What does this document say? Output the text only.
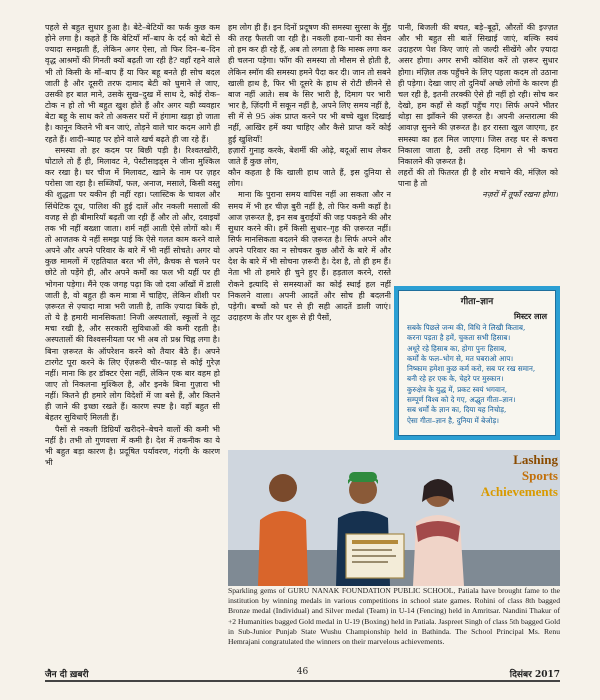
पहले से बहुत सुधार हुआ है। बेटे–बेटियों का फर्क कुछ कम होने लगा है। कहते हैं कि बेटियाँ माँ–बाप के दर्द को बेटों से ज्यादा समझती हैं, लेकिन अगर ऐसा, तो फिर दिन–ब–दिन वृद्ध आश्रमों की गिनती क्यों बढ़ती जा रही है? वहाँ रहने वाले भी तो किसी के माँ–बाप हैं या फिर बहू बनते ही सोच बदल जाती है और दूसरी तरफ दामाद बेटी को घुमाने ले जाए, उसकी हर बात माने, उसके सुख–दुख में साथ दे, कोई रोक–टोक न हो तो भी बहुत खुश होते हैं और अगर यही व्यवहार बेटा बहू के साथ करे तो अकसर घरों में हंगामा खड़ा हो जाता है। कानून कितने भी बन जाएं, तोड़ने वाले चार कदम आगे ही रहते हैं। शादी–ब्याह पर होने वाले खर्च बढ़ते ही जा रहे हैं।

समस्या तो हर कदम पर बिछी पड़ी है। रिश्वतखोरी, घोटाले तो हैं ही, मिलावट ने, पेस्टीसाइड्स ने जीना मुश्किल कर रखा है। घर चीज में मिलावट, खाने के नाम पर ज़हर परोसा जा रहा है। सब्जियाँ, फल, अनाज, मसाले, किसी वस्तु की शुद्धता पर यकीन ही नहीं रहा। प्लास्टिक के चावल और सिंथेटिक दूध, पालिश की हुई दालें और नकली मसालों की वजह से ही बीमारियाँ बढ़ती जा रही हैं और तो और, दवाइयाँ तक भी नहीं बख्शा जाता। शर्म नहीं आती ऐसे लोगों को। मैं तो आजतक ये नहीं समझ पाई कि ऐसे गलत काम करने वाले अपने और अपने परिवार के बारे में भी नहीं सोचते। अगर यो कुछ मामलों में एहतियात बरत भी लेंगे, क्रैचक से चलने पर छोटे तो पड़ेंगे ही, और अपने कर्मों का फल भी यहीं पर ही भोगना पड़ेगा। मैंने एक जगह पढ़ा कि जो दवा आँखों में डाली जाती है, वो बहुत ही कम मात्रा में चाहिए, लेकिन शीशी पर ज़रूरत से ज़्यादा मात्रा भरी जाती है, ताकि ज़्यादा बिकें हो, तो ये है हमारी मानसिकता! निजी अस्पतालों, स्कूलों ने लूट मचा रखी है, और सरकारी सुविधाओं की कमी रहती है। अस्पतालों की विश्वसनीयता पर भी अब तो प्रश्न चिह्न लगा है। बिना ज़रूरत के ऑपरेशन करने को तैयार बैठे हैं। अपने टारगेट पूरा करने के लिए ऐंज़रूरी चीर–फाड़ से कोई गुरेज़ नहीं। माना कि हर डॉक्टर ऐसा नहीं, लेकिन एक बार वहम हो जाए तो निकलना मुश्किल है, और इनके बिना गुज़ारा भी नहीं। कितने ही हमारे लोग विदेशों में जा बसे हैं, और कितने ही जाने की इच्छा रखते हैं। कारण स्पष्ट है। वहाँ बहुत सी बेहतर सुविधाएँ मिलती हैं।

पैसों से नकली डिग्रियाँ खरीदने–बेचने वालों की कमी भी नहीं है। तभी तो गुणवत्ता में कमी है। देश में तकनीक का ये भी बहुत बड़ा कारण है। प्रदूषित पर्यावरण, गंदगी के कारण भी

हम लोग ही हैं। इन दिनों प्रदूषण की समस्या सुरसा के मुँह की तरह फैलती जा रही है। नकली हवा–पानी का सेवन तो हम कर ही रहे हैं, अब तो लगता है कि मास्क लगा कर ही चलना पड़ेगा। फॉग की समस्या तो मौसम से होती है, लेकिन स्मॉग की समस्या हमने पैदा कर दी। जान तो सबने खाली हाथ है, फिर भी दूसरे के हाथ से रोटी छीनने से बाज नहीं आते। सब के सिर भारी है, दिमाग पर भारी भार है, ज़िंदगी में सकून नहीं है, अपने लिए समय नहीं है, सी में से 95 अंक प्राप्त करने पर भी बच्चे खुश दिखाई नहीं, आखिर हमें क्या चाहिए और कैसे प्राप्त करें कोई हुई खुशियाँ!

हज़ारों गुनाह करके, बेशर्मी की ओढ़े, बदूओं साथ लेकर जाते हैं कुछ लोग,

कौन कहता है कि खाली हाथ जाते हैं, इस दुनिया से लोग।

माना कि पुराना समय वापिस नहीं आ सकता और न समय में भी हर चीज़ बुरी नहीं है, तो फिर कमी कहाँ है। आज ज़रूरत है, इन सब बुराईयों की जड़ पकड़ने की और सुधार करने की। हमें किसी सुधार–गृह की ज़रूरत नहीं। सिर्फ मानसिकता बदलने की ज़रूरत है। सिर्फ अपने और अपने परिवार का न सोचकर कुछ औरों के बारे में और देश के बारे में भी सोचना ज़रूरी है। देश है, तो ही हम हैं। नेता भी तो हमारे ही चुने हुए हैं। हड़ताल करने, रास्ते रोकने इत्यादि से समस्याओं का कोई स्थाई हल नहीं निकलने वाला। अपनी आदतें और सोच ही बदलनी पड़ेगी। बच्चों को घर से ही सही आदतें डाली जाएं। उदाहरण के तौर पर शुरू से ही पैसों,

पानी, बिजली की बचत, बड़े–बूढ़ों, औरतों की इज्ज़त और भी बहुत सी बातें सिखाई जाएं, बल्कि स्वयं उदाहरण पेश किए जाएं तो जल्दी सीखेंगे और ज़्यादा असर होगा। अगर सभी कोशिश करें तो ज़रूर सुधार होगा। मंज़िल तक पहुँचने के लिए पहला कदम तो उठाना ही पड़ेगा। देखा जाए तो दुनियाँ अच्छे लोगों के कारण ही चल रही है, इतनी तरक्की ऐसे ही नहीं हो रही। सोच कर देखो, हम कहाँ से कहाँ पहुँच गए। सिर्फ अपने भीतर थोड़ा सा झाँकने की ज़रूरत है। अपनी अन्तरात्मा की आवाज़ सुनने की ज़रूरत है। हर रास्ता खुल जाएगा, हर समस्या का हल मिल जाएगा। जिस तरह घर से कचरा निकाला जाता है, उसी तरह दिमाग से भी कचरा निकालने की ज़रूरत है।

लहरों की तो फितरत ही है शोर मचाने की, मंज़िल को पाना है तो

नज़रों में तूफाँ रखना होगा।

गीता–ज्ञान
मिस्टर लाल
सबके पिछले जन्म की, विधि ने लिखी किताब,
करना पड़ता है हमें, चुकता सभी हिसाब।
अधूरे रहे हिसाब का, होगा पुनः हिसाब,
कर्मों के फल–भोग से, मत घबराओ आप।
निष्काम हमेशा कुछ कर्म करो, सब पर रख समान,
बनी रहे हर एक के, चेहरे पर मुस्कान।
कुरुक्षेत्र के युद्ध में, प्रकट स्वयं भगवान,
सम्पूर्ण विश्व को दे गए, अद्भुत गीता–ज्ञान।
सब धर्मों के ज्ञान का, दिया यह निचोड़,
ऐसा गीता–ज्ञान है, दुनिया में बेजोड़।
Lashing
Sports
Achievements
Sparkling gems of GURU NANAK FOUNDATION PUBLIC SCHOOL, Patiala have brought fame to the institution by winning medals in various competitions in school state games. Rohini of class 8th bagged Bronze medal (Individual) and Silver medal (Team) in U-14 (Fencing) held in Amritsar. Nandini Thakur of +2 Humanities bagged Gold medal in U-19 (Boxing) held in Patiala. Jaspreet Singh of class 5th bagged Gold in Sub-Junior Punjab State Wushu Championship held in Bathinda. The School Principal Ms. Renu Hemrajani congratulated the winners on their marvelous achievements.
जैन दी ख़बरी	46	दिसंबर 2017
